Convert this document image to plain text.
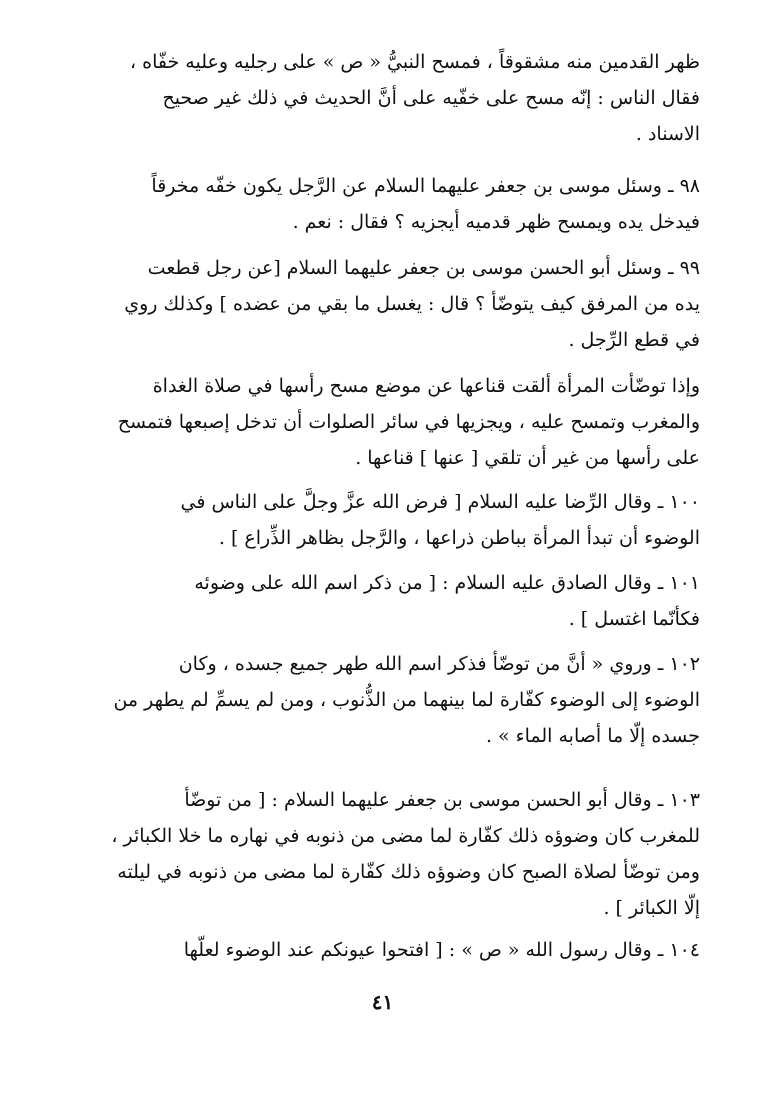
ظهر القدمين منه مشقوقاً ، فمسح النبيُّ « ص » على رجليه وعليه خفّاه ،
فقال الناس : إنّه مسح على خفّيه على أنَّ الحديث في ذلك غير صحيح
الاسناد .
٩٨ ـ وسئل موسى بن جعفر عليهما السلام عن الرَّجل يكون خفّه مخرقاً
فيدخل يده ويمسح ظهر قدميه أيجزيه ؟ فقال : نعم .
٩٩ ـ وسئل أبو الحسن موسى بن جعفر عليهما السلام [عن رجل قطعت
يده من المرفق كيف يتوضّأ ؟ قال : يغسل ما بقي من عضده ] وكذلك روي
في قطع الرِّجل .
وإذا توضّأت المرأة ألقت قناعها عن موضع مسح رأسها في صلاة الغداة
والمغرب وتمسح عليه ، ويجزيها في سائر الصلوات أن تدخل إصبعها فتمسح
على رأسها من غير أن تلقي [ عنها ] قناعها .
١٠٠ ـ وقال الرِّضا عليه السلام [ فرض الله عزَّ وجلَّ على الناس في
الوضوء أن تبدأ المرأة بباطن ذراعها ، والرَّجل بظاهر الذِّراع ] .
١٠١ ـ وقال الصادق عليه السلام : [ من ذكر اسم الله على وضوئه
فكأنّما اغتسل ] .
١٠٢ ـ وروي « أنَّ من توضّأ فذكر اسم الله طهر جميع جسده ، وكان
الوضوء إلى الوضوء كفّارة لما بينهما من الذُّنوب ، ومن لم يسمِّ لم يطهر من
جسده إلّا ما أصابه الماء » .
١٠٣ ـ وقال أبو الحسن موسى بن جعفر عليهما السلام : [ من توضّأ
للمغرب كان وضوؤه ذلك كفّارة لما مضى من ذنوبه في نهاره ما خلا الكبائر ،
ومن توضّأ لصلاة الصبح كان وضوؤه ذلك كفّارة لما مضى من ذنوبه في ليلته
إلّا الكبائر ] .
١٠٤ ـ وقال رسول الله « ص » : [ افتحوا عيونكم عند الوضوء لعلّها
٤١
